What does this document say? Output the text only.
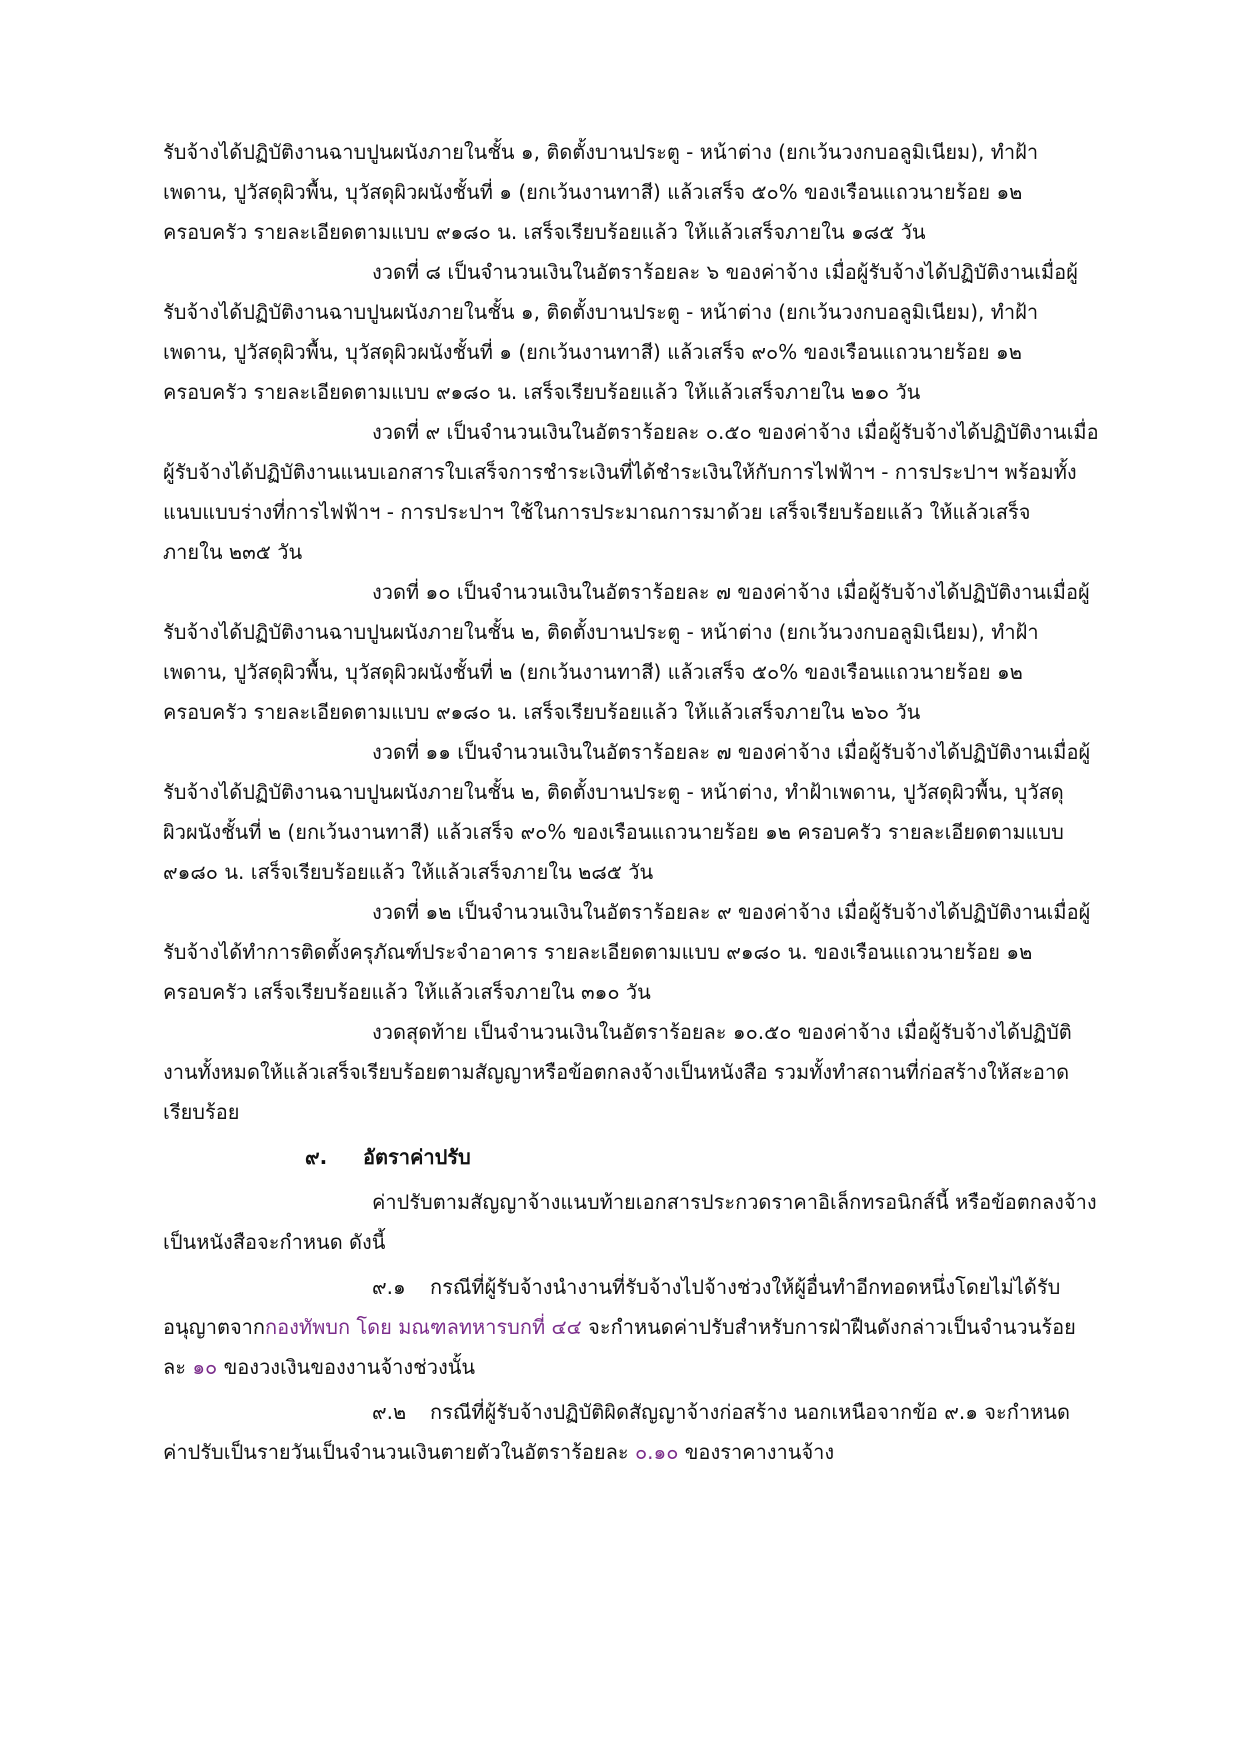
รับจ้างได้ปฏิบัติงานฉาบปูนผนังภายในชั้น ๑, ติดตั้งบานประตู - หน้าต่าง (ยกเว้นวงกบอลูมิเนียม), ทำฝ้า
เพดาน, ปูวัสดุผิวพื้น, บุวัสดุผิวผนังชั้นที่ ๑ (ยกเว้นงานทาสี) แล้วเสร็จ ๕๐% ของเรือนแถวนายร้อย ๑๒
ครอบครัว รายละเอียดตามแบบ ๙๑๘๐ น. เสร็จเรียบร้อยแล้ว ให้แล้วเสร็จภายใน ๑๘๕ วัน
งวดที่ ๘ เป็นจำนวนเงินในอัตราร้อยละ ๖ ของค่าจ้าง เมื่อผู้รับจ้างได้ปฏิบัติงานเมื่อผู้
รับจ้างได้ปฏิบัติงานฉาบปูนผนังภายในชั้น ๑, ติดตั้งบานประตู - หน้าต่าง (ยกเว้นวงกบอลูมิเนียม), ทำฝ้า
เพดาน, ปูวัสดุผิวพื้น, บุวัสดุผิวผนังชั้นที่ ๑ (ยกเว้นงานทาสี) แล้วเสร็จ ๙๐% ของเรือนแถวนายร้อย ๑๒
ครอบครัว รายละเอียดตามแบบ ๙๑๘๐ น. เสร็จเรียบร้อยแล้ว ให้แล้วเสร็จภายใน ๒๑๐ วัน
งวดที่ ๙ เป็นจำนวนเงินในอัตราร้อยละ ๐.๕๐ ของค่าจ้าง เมื่อผู้รับจ้างได้ปฏิบัติงานเมื่อ
ผู้รับจ้างได้ปฏิบัติงานแนบเอกสารใบเสร็จการชำระเงินที่ได้ชำระเงินให้กับการไฟฟ้าฯ - การประปาฯ พร้อมทั้ง
แนบแบบร่างที่การไฟฟ้าฯ - การประปาฯ ใช้ในการประมาณการมาด้วย เสร็จเรียบร้อยแล้ว ให้แล้วเสร็จ
ภายใน ๒๓๕ วัน
งวดที่ ๑๐ เป็นจำนวนเงินในอัตราร้อยละ ๗ ของค่าจ้าง เมื่อผู้รับจ้างได้ปฏิบัติงานเมื่อผู้
รับจ้างได้ปฏิบัติงานฉาบปูนผนังภายในชั้น ๒, ติดตั้งบานประตู - หน้าต่าง (ยกเว้นวงกบอลูมิเนียม), ทำฝ้า
เพดาน, ปูวัสดุผิวพื้น, บุวัสดุผิวผนังชั้นที่ ๒ (ยกเว้นงานทาสี) แล้วเสร็จ ๕๐% ของเรือนแถวนายร้อย ๑๒
ครอบครัว รายละเอียดตามแบบ ๙๑๘๐ น. เสร็จเรียบร้อยแล้ว ให้แล้วเสร็จภายใน ๒๖๐ วัน
งวดที่ ๑๑ เป็นจำนวนเงินในอัตราร้อยละ ๗ ของค่าจ้าง เมื่อผู้รับจ้างได้ปฏิบัติงานเมื่อผู้
รับจ้างได้ปฏิบัติงานฉาบปูนผนังภายในชั้น ๒, ติดตั้งบานประตู - หน้าต่าง, ทำฝ้าเพดาน, ปูวัสดุผิวพื้น, บุวัสดุ
ผิวผนังชั้นที่ ๒ (ยกเว้นงานทาสี) แล้วเสร็จ ๙๐% ของเรือนแถวนายร้อย ๑๒ ครอบครัว รายละเอียดตามแบบ
๙๑๘๐ น. เสร็จเรียบร้อยแล้ว ให้แล้วเสร็จภายใน ๒๘๕ วัน
งวดที่ ๑๒ เป็นจำนวนเงินในอัตราร้อยละ ๙ ของค่าจ้าง เมื่อผู้รับจ้างได้ปฏิบัติงานเมื่อผู้
รับจ้างได้ทำการติดตั้งครุภัณฑ์ประจำอาคาร รายละเอียดตามแบบ ๙๑๘๐ น. ของเรือนแถวนายร้อย ๑๒
ครอบครัว เสร็จเรียบร้อยแล้ว ให้แล้วเสร็จภายใน ๓๑๐ วัน
งวดสุดท้าย เป็นจำนวนเงินในอัตราร้อยละ ๑๐.๕๐ ของค่าจ้าง เมื่อผู้รับจ้างได้ปฏิบัติ
งานทั้งหมดให้แล้วเสร็จเรียบร้อยตามสัญญาหรือข้อตกลงจ้างเป็นหนังสือ รวมทั้งทำสถานที่ก่อสร้างให้สะอาด
เรียบร้อย
๙. อัตราค่าปรับ
ค่าปรับตามสัญญาจ้างแนบท้ายเอกสารประกวดราคาอิเล็กทรอนิกส์นี้ หรือข้อตกลงจ้าง
เป็นหนังสือจะกำหนด ดังนี้
๙.๑ กรณีที่ผู้รับจ้างนำงานที่รับจ้างไปจ้างช่วงให้ผู้อื่นทำอีกทอดหนึ่งโดยไม่ได้รับ
อนุญาตจากกองทัพบก โดย มณฑลทหารบกที่ ๔๔ จะกำหนดค่าปรับสำหรับการฝ่าฝืนดังกล่าวเป็นจำนวนร้อย
ละ ๑๐ ของวงเงินของงานจ้างช่วงนั้น
๙.๒ กรณีที่ผู้รับจ้างปฏิบัติผิดสัญญาจ้างก่อสร้าง นอกเหนือจากข้อ ๙.๑ จะกำหนด
ค่าปรับเป็นรายวันเป็นจำนวนเงินตายตัวในอัตราร้อยละ ๐.๑๐ ของราคางานจ้าง
